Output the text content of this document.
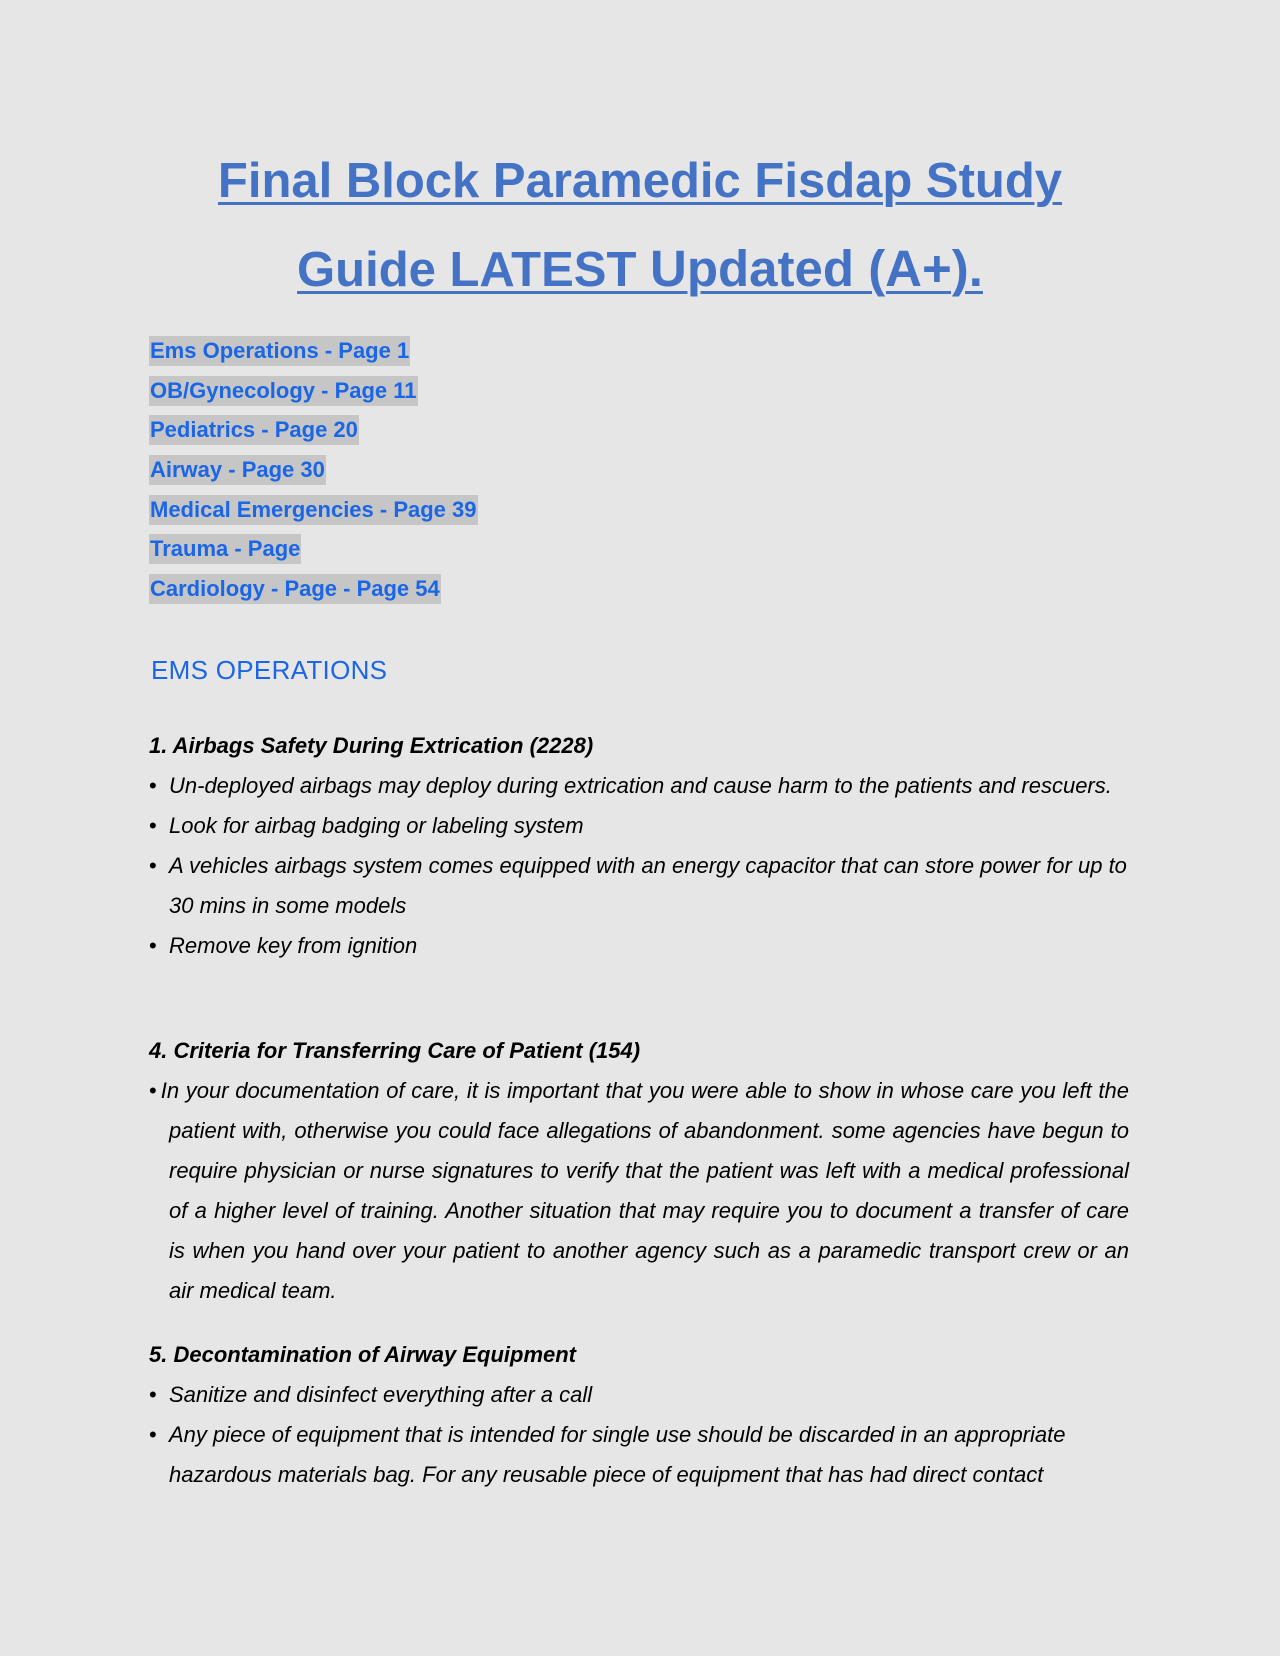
Final Block Paramedic Fisdap Study
Guide LATEST Updated (A+).
Ems Operations - Page 1
OB/Gynecology - Page 11
Pediatrics - Page 20
Airway - Page 30
Medical Emergencies - Page 39
Trauma - Page
Cardiology - Page - Page 54
EMS OPERATIONS
1. Airbags Safety During Extrication (2228)
• Un-deployed airbags may deploy during extrication and cause harm to the patients and rescuers.
• Look for airbag badging or labeling system
• A vehicles airbags system comes equipped with an energy capacitor that can store power for up to 30 mins in some models
• Remove key from ignition
4. Criteria for Transferring Care of Patient (154)
• In your documentation of care, it is important that you were able to show in whose care you left the patient with, otherwise you could face allegations of abandonment. some agencies have begun to require physician or nurse signatures to verify that the patient was left with a medical professional of a higher level of training. Another situation that may require you to document a transfer of care is when you hand over your patient to another agency such as a paramedic transport crew or an air medical team.
5. Decontamination of Airway Equipment
• Sanitize and disinfect everything after a call
• Any piece of equipment that is intended for single use should be discarded in an appropriate hazardous materials bag. For any reusable piece of equipment that has had direct contact
